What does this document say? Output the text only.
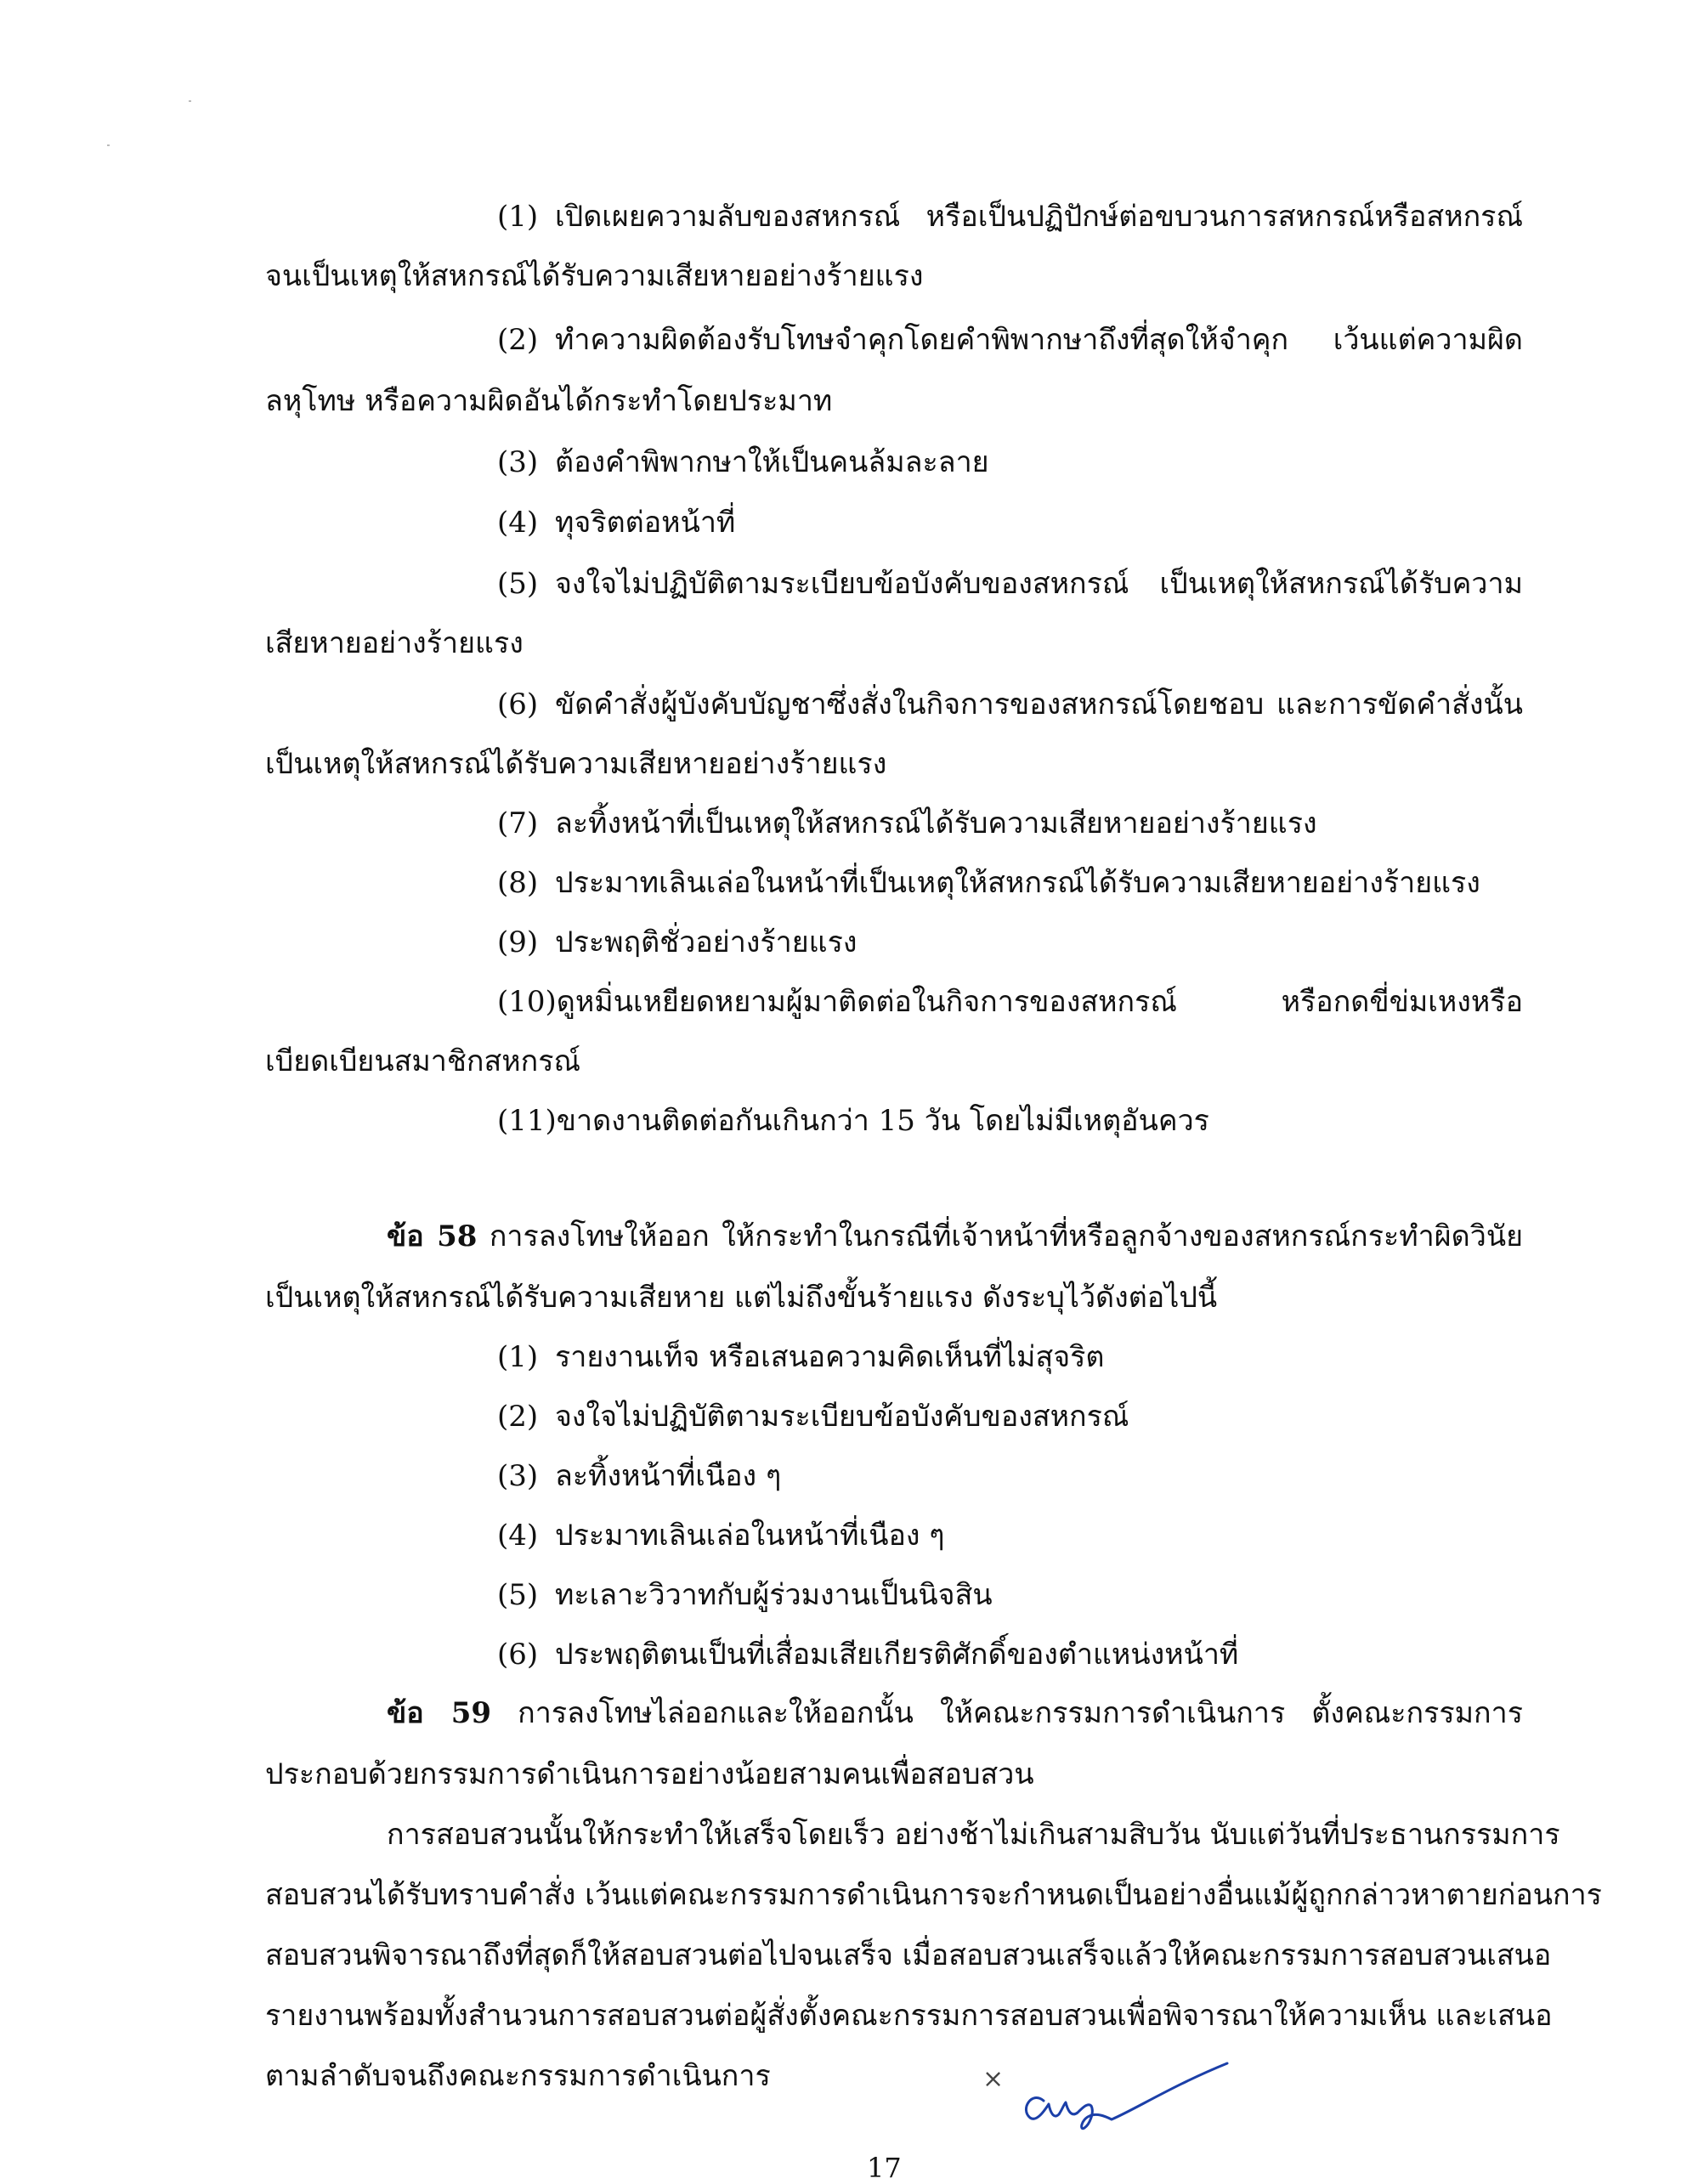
(1) เปิดเผยความลับของสหกรณ์ หรือเป็นปฏิปักษ์ต่อขบวนการสหกรณ์หรือสหกรณ์
จนเป็นเหตุให้สหกรณ์ได้รับความเสียหายอย่างร้ายแรง
(2) ทำความผิดต้องรับโทษจำคุกโดยคำพิพากษาถึงที่สุดให้จำคุก เว้นแต่ความผิด
ลหุโทษ หรือความผิดอันได้กระทำโดยประมาท
(3) ต้องคำพิพากษาให้เป็นคนล้มละลาย
(4) ทุจริตต่อหน้าที่
(5) จงใจไม่ปฏิบัติตามระเบียบข้อบังคับของสหกรณ์ เป็นเหตุให้สหกรณ์ได้รับความ
เสียหายอย่างร้ายแรง
(6) ขัดคำสั่งผู้บังคับบัญชาซึ่งสั่งในกิจการของสหกรณ์โดยชอบ และการขัดคำสั่งนั้น
เป็นเหตุให้สหกรณ์ได้รับความเสียหายอย่างร้ายแรง
(7) ละทิ้งหน้าที่เป็นเหตุให้สหกรณ์ได้รับความเสียหายอย่างร้ายแรง
(8) ประมาทเลินเล่อในหน้าที่เป็นเหตุให้สหกรณ์ได้รับความเสียหายอย่างร้ายแรง
(9) ประพฤติชั่วอย่างร้ายแรง
(10)ดูหมิ่นเหยียดหยามผู้มาติดต่อในกิจการของสหกรณ์ หรือกดขี่ข่มเหงหรือ
เบียดเบียนสมาชิกสหกรณ์
(11)ขาดงานติดต่อกันเกินกว่า 15 วัน โดยไม่มีเหตุอันควร
ข้อ 58 การลงโทษให้ออก ให้กระทำในกรณีที่เจ้าหน้าที่หรือลูกจ้างของสหกรณ์กระทำผิดวินัย
เป็นเหตุให้สหกรณ์ได้รับความเสียหาย แต่ไม่ถึงขั้นร้ายแรง ดังระบุไว้ดังต่อไปนี้
(1) รายงานเท็จ หรือเสนอความคิดเห็นที่ไม่สุจริต
(2) จงใจไม่ปฏิบัติตามระเบียบข้อบังคับของสหกรณ์
(3) ละทิ้งหน้าที่เนือง ๆ
(4) ประมาทเลินเล่อในหน้าที่เนือง ๆ
(5) ทะเลาะวิวาทกับผู้ร่วมงานเป็นนิจสิน
(6) ประพฤติตนเป็นที่เสื่อมเสียเกียรติศักดิ์ของตำแหน่งหน้าที่
ข้อ 59 การลงโทษไล่ออกและให้ออกนั้น ให้คณะกรรมการดำเนินการ ตั้งคณะกรรมการ
ประกอบด้วยกรรมการดำเนินการอย่างน้อยสามคนเพื่อสอบสวน
การสอบสวนนั้นให้กระทำให้เสร็จโดยเร็ว อย่างช้าไม่เกินสามสิบวัน นับแต่วันที่ประธานกรรมการ
สอบสวนได้รับทราบคำสั่ง เว้นแต่คณะกรรมการดำเนินการจะกำหนดเป็นอย่างอื่นแม้ผู้ถูกกล่าวหาตายก่อนการ
สอบสวนพิจารณาถึงที่สุดก็ให้สอบสวนต่อไปจนเสร็จ เมื่อสอบสวนเสร็จแล้วให้คณะกรรมการสอบสวนเสนอ
รายงานพร้อมทั้งสำนวนการสอบสวนต่อผู้สั่งตั้งคณะกรรมการสอบสวนเพื่อพิจารณาให้ความเห็น และเสนอ
ตามลำดับจนถึงคณะกรรมการดำเนินการ	×
17
